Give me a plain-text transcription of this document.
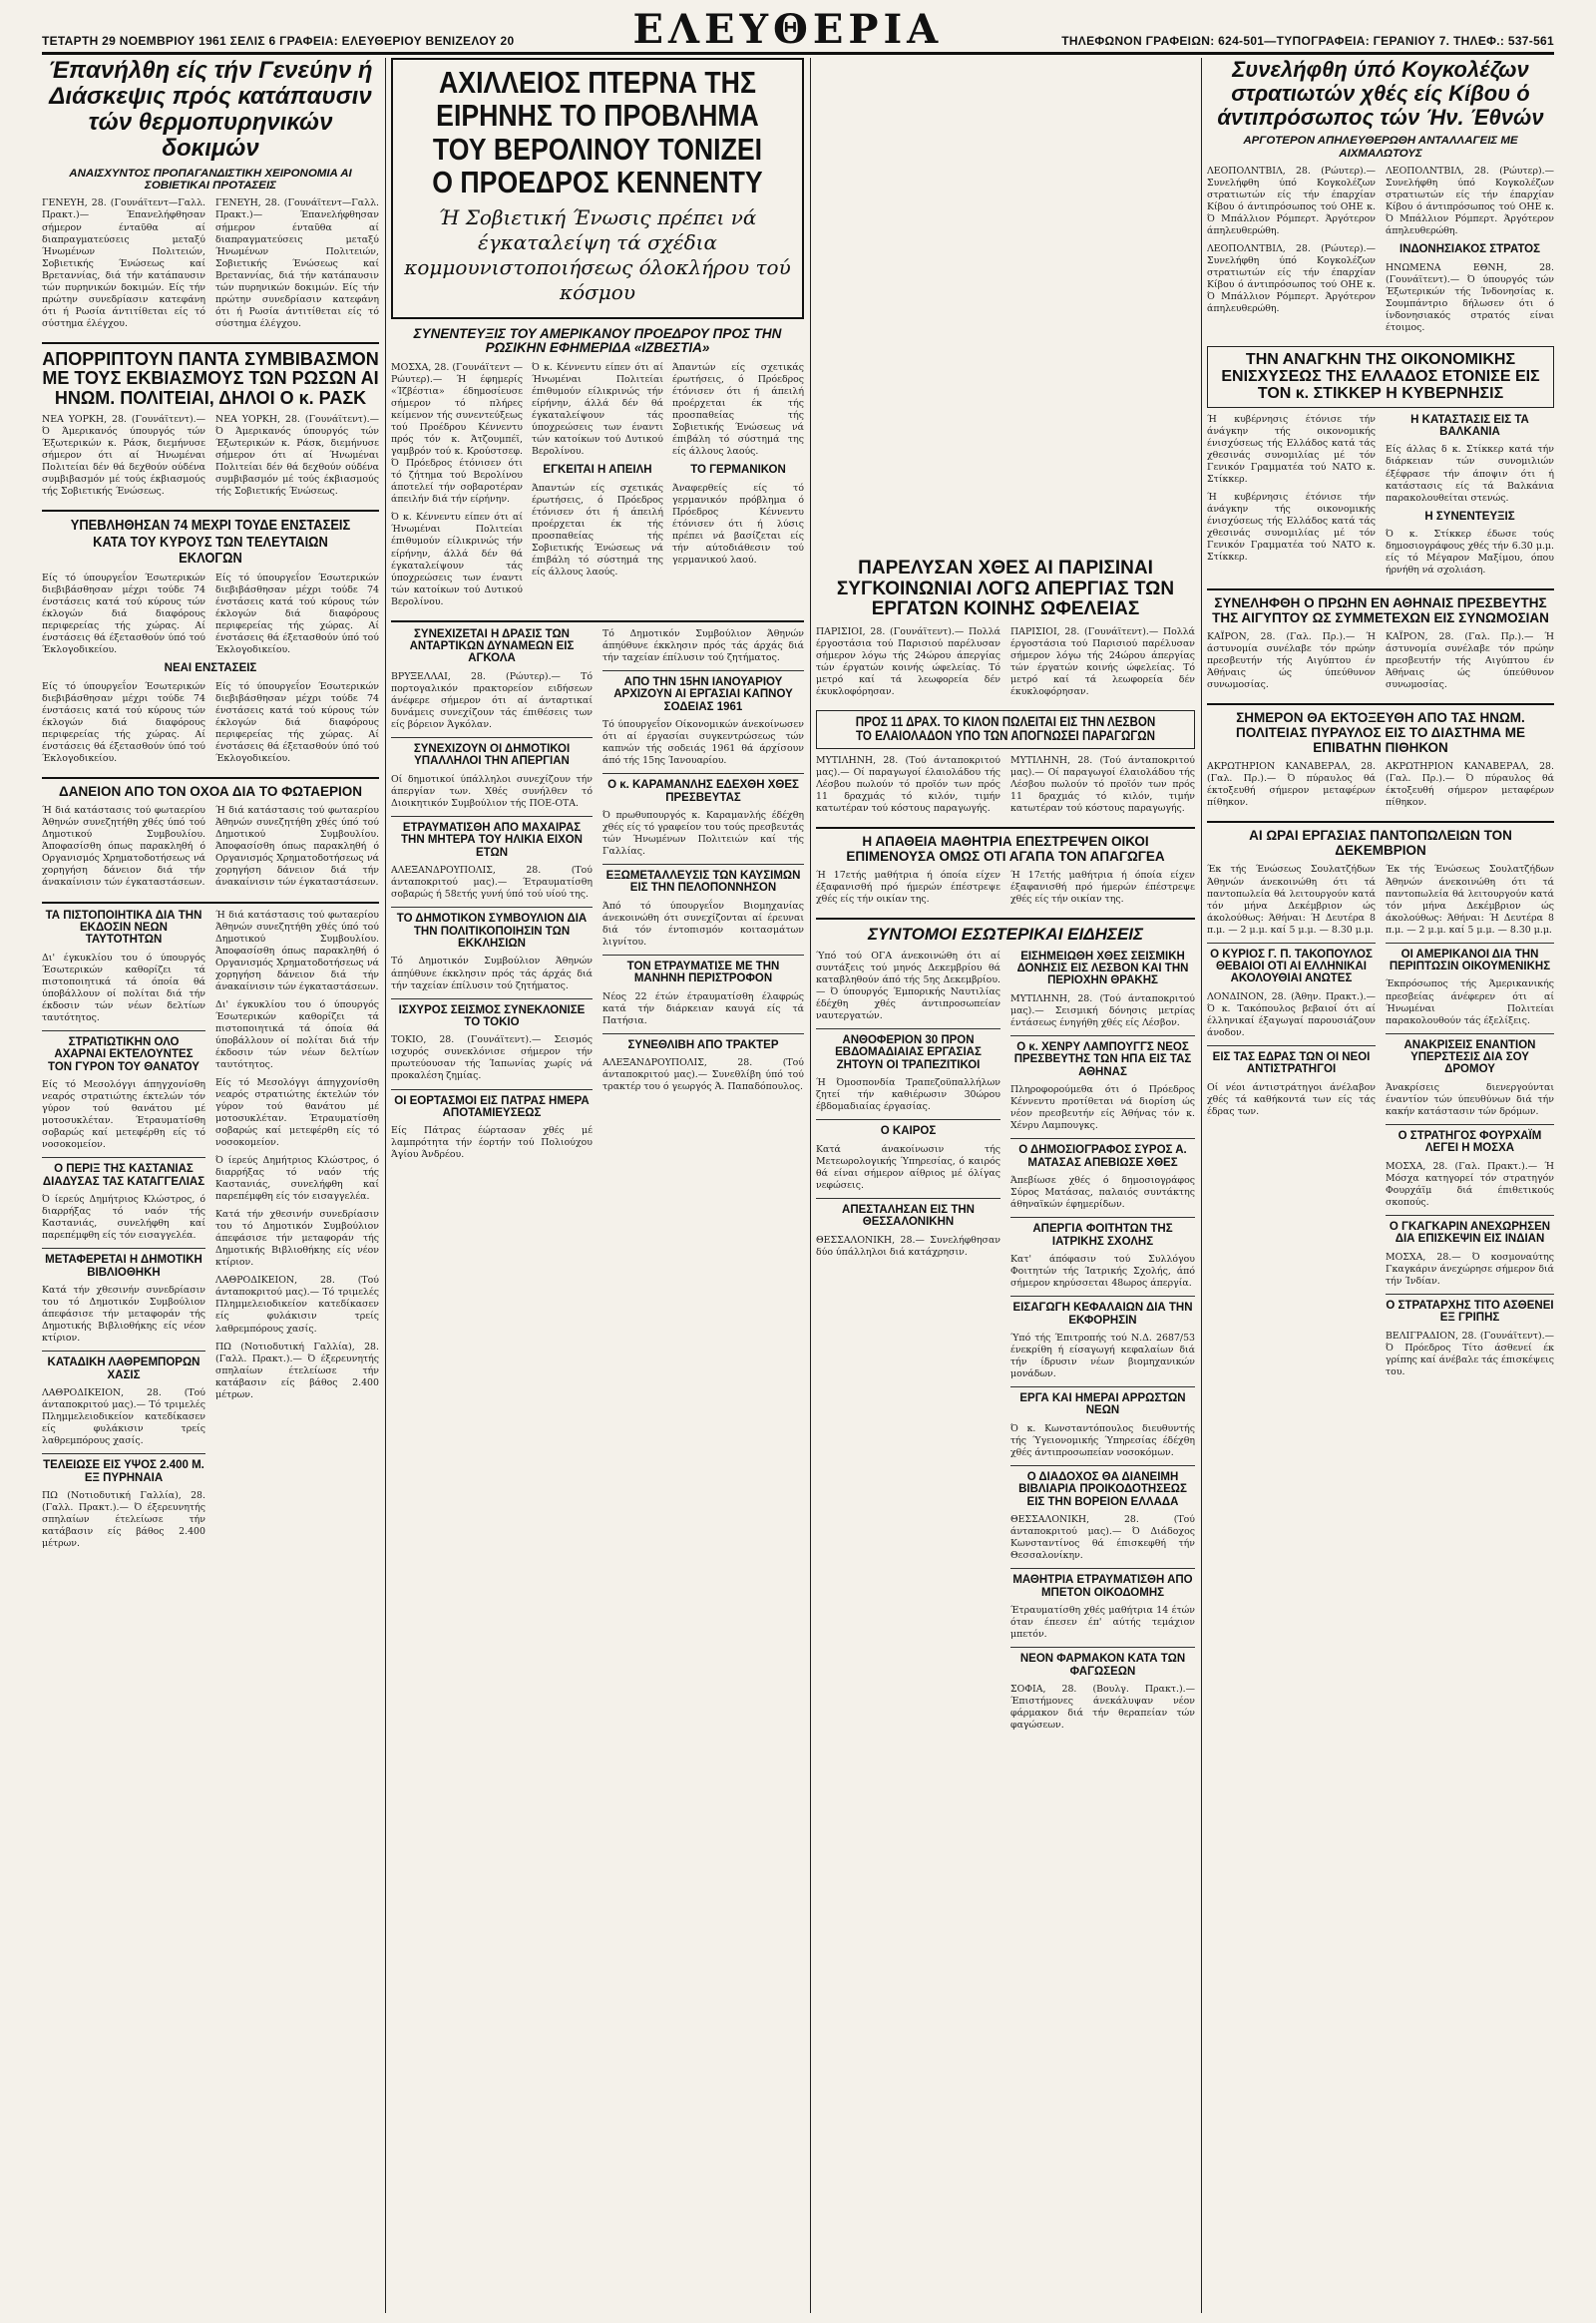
ΤΕΤΑΡΤΗ 29 ΝΟΕΜΒΡΙΟΥ 1961 ΣΕΛΙΣ 6 ΓΡΑΦΕΙΑ: ΕΛΕΥΘΕΡΙΟΥ ΒΕΝΙΖΕΛΟΥ 20	ΕΛΕΥΘΕΡΙΑ	ΤΗΛΕΦΩΝΟΝ ΓΡΑΦΕΙΩΝ: 624-501—ΤΥΠΟΓΡΑΦΕΙΑ: ΓΕΡΑΝΙΟΥ 7. ΤΗΛΕΦ.: 537-561
Έπανήλθη είς τήν Γενεύην ή Διάσκεψις πρός κατάπαυσιν τών θερμοπυρηνικών δοκιμών
ΑΝΑΙΣΧΥΝΤΟΣ ΠΡΟΠΑΓΑΝΔΙΣΤΙΚΗ ΧΕΙΡΟΝΟΜΙΑ ΑΙ ΣΟΒΙΕΤΙΚΑΙ ΠΡΟΤΑΣΕΙΣ

ΓΕΝΕΥΗ, 28. (Γουνάϊτεντ—Γαλλ. Πρακτ.)— Έπανελήφθησαν σήμερον ένταῦθα αί διαπραγματεύσεις μεταξύ Ήνωμένων Πολιτειών, Σοβιετικής Ένώσεως καί Βρεταννίας, διά τήν κατάπαυσιν τών πυρηνικών δοκιμών. Είς τήν πρώτην συνεδρίασιν κατεφάνη ότι ή Ρωσία άντιτίθεται είς τό σύστημα έλέγχου.

ΓΕΝΕΥΗ, 28. (Γουνάϊτεντ—Γαλλ. Πρακτ.)— Έπανελήφθησαν σήμερον ένταῦθα αί διαπραγματεύσεις μεταξύ Ήνωμένων Πολιτειών, Σοβιετικής Ένώσεως καί Βρεταννίας, διά τήν κατάπαυσιν τών πυρηνικών δοκιμών. Είς τήν πρώτην συνεδρίασιν κατεφάνη ότι ή Ρωσία άντιτίθεται είς τό σύστημα έλέγχου.

ΑΠΟΡΡΙΠΤΟΥΝ ΠΑΝΤΑ ΣΥΜΒΙΒΑΣΜΟΝ ΜΕ ΤΟΥΣ ΕΚΒΙΑΣΜΟΥΣ ΤΩΝ ΡΩΣΩΝ ΑΙ ΗΝΩΜ. ΠΟΛΙΤΕΙΑΙ, ΔΗΛΟΙ Ο κ. ΡΑΣΚ

ΝΕΑ ΥΟΡΚΗ, 28. (Γουνάϊτεντ).— Ό Άμερικανός ύπουργός τών Έξωτερικών κ. Ράσκ, διεμήνυσε σήμερον ότι αί Ήνωμέναι Πολιτείαι δέν θά δεχθούν ούδένα συμβιβασμόν μέ τούς έκβιασμούς τής Σοβιετικής Ένώσεως.

ΝΕΑ ΥΟΡΚΗ, 28. (Γουνάϊτεντ).— Ό Άμερικανός ύπουργός τών Έξωτερικών κ. Ράσκ, διεμήνυσε σήμερον ότι αί Ήνωμέναι Πολιτείαι δέν θά δεχθούν ούδένα συμβιβασμόν μέ τούς έκβιασμούς τής Σοβιετικής Ένώσεως.

ΥΠΕΒΛΗΘΗΣΑΝ 74 ΜΕΧΡΙ ΤΟΥΔΕ ΕΝΣΤΑΣΕΙΣ ΚΑΤΑ ΤΟΥ ΚΥΡΟΥΣ ΤΩΝ ΤΕΛΕΥΤΑΙΩΝ ΕΚΛΟΓΩΝ

Είς τό ύπουργεΐον Έσωτερικών διεβιβάσθησαν μέχρι τούδε 74 ένστάσεις κατά τού κύρους τών έκλογών διά διαφόρους περιφερείας τής χώρας. Αί ένστάσεις θά έξετασθούν ύπό τού Έκλογοδικείου.

Είς τό ύπουργεΐον Έσωτερικών διεβιβάσθησαν μέχρι τούδε 74 ένστάσεις κατά τού κύρους τών έκλογών διά διαφόρους περιφερείας τής χώρας. Αί ένστάσεις θά έξετασθούν ύπό τού Έκλογοδικείου.

ΝΕΑΙ ΕΝΣΤΑΣΕΙΣ

Είς τό ύπουργεΐον Έσωτερικών διεβιβάσθησαν μέχρι τούδε 74 ένστάσεις κατά τού κύρους τών έκλογών διά διαφόρους περιφερείας τής χώρας. Αί ένστάσεις θά έξετασθούν ύπό τού Έκλογοδικείου.

Είς τό ύπουργεΐον Έσωτερικών διεβιβάσθησαν μέχρι τούδε 74 ένστάσεις κατά τού κύρους τών έκλογών διά διαφόρους περιφερείας τής χώρας. Αί ένστάσεις θά έξετασθούν ύπό τού Έκλογοδικείου.

ΔΑΝΕΙΟΝ ΑΠΟ ΤΟΝ ΟΧΟΑ ΔΙΑ ΤΟ ΦΩΤΑΕΡΙΟΝ

Ή διά κατάστασις τού φωταερίου Άθηνών συνεζητήθη χθές ύπό τού Δημοτικού Συμβουλίου. Άποφασίσθη όπως παρακληθή ό Οργανισμός Χρηματοδοτήσεως νά χορηγήση δάνειον διά τήν άνακαίνισιν τών έγκαταστάσεων.

Ή διά κατάστασις τού φωταερίου Άθηνών συνεζητήθη χθές ύπό τού Δημοτικού Συμβουλίου. Άποφασίσθη όπως παρακληθή ό Οργανισμός Χρηματοδοτήσεως νά χορηγήση δάνειον διά τήν άνακαίνισιν τών έγκαταστάσεων.

ΤΑ ΠΙΣΤΟΠΟΙΗΤΙΚΑ ΔΙΑ ΤΗΝ ΕΚΔΟΣΙΝ ΝΕΩΝ ΤΑΥΤΟΤΗΤΩΝ

Δι' έγκυκλίου του ό ύπουργός Έσωτερικών καθορίζει τά πιστοποιητικά τά όποία θά ύποβάλλουν οί πολίται διά τήν έκδοσιν τών νέων δελτίων ταυτότητος.

ΣΤΡΑΤΙΩΤΙΚΗΝ ΟΛΟ ΑΧΑΡΝΑΙ ΕΚΤΕΛΟΥΝΤΕΣ ΤΟΝ ΓΥΡΟΝ ΤΟΥ ΘΑΝΑΤΟΥ

Είς τό Μεσολόγγι άπηγχονίσθη νεαρός στρατιώτης έκτελών τόν γύρον τού θανάτου μέ μοτοσυκλέταν. Έτραυματίσθη σοβαρώς καί μετεφέρθη είς τό νοσοκομείον.

Ο ΠΕΡΙΞ ΤΗΣ ΚΑΣΤΑΝΙΑΣ ΔΙΑΔΥΣΑΣ ΤΑΣ ΚΑΤΑΓΓΕΛΙΑΣ

Ό ίερεύς Δημήτριος Κλώστρος, ό διαρρήξας τό ναόν τής Καστανιάς, συνελήφθη καί παρεπέμφθη είς τόν εισαγγελέα.

ΜΕΤΑΦΕΡΕΤΑΙ Η ΔΗΜΟΤΙΚΗ ΒΙΒΛΙΟΘΗΚΗ

Κατά τήν χθεσινήν συνεδρίασιν του τό Δημοτικόν Συμβούλιον άπεφάσισε τήν μεταφοράν τής Δημοτικής Βιβλιοθήκης είς νέον κτίριον.

ΚΑΤΑΔΙΚΗ ΛΑΘΡΕΜΠΟΡΩΝ ΧΑΣΙΣ

ΛΑΘΡΟΔΙΚΕΙΟΝ, 28. (Τού άνταποκριτού μας).— Τό τριμελές Πλημμελειοδικείον κατεδίκασεν είς φυλάκισιν τρείς λαθρεμπόρους χασίς.

ΤΕΛΕΙΩΣΕ ΕΙΣ ΥΨΟΣ 2.400 Μ. ΕΞ ΠΥΡΗΝΑΙΑ

ΠΩ (Νοτιοδυτική Γαλλία), 28. (Γαλλ. Πρακτ.).— Ό έξερευνητής σπηλαίων έτελείωσε τήν κατάβασιν είς βάθος 2.400 μέτρων.

Ή διά κατάστασις τού φωταερίου Άθηνών συνεζητήθη χθές ύπό τού Δημοτικού Συμβουλίου. Άποφασίσθη όπως παρακληθή ό Οργανισμός Χρηματοδοτήσεως νά χορηγήση δάνειον διά τήν άνακαίνισιν τών έγκαταστάσεων.

Δι' έγκυκλίου του ό ύπουργός Έσωτερικών καθορίζει τά πιστοποιητικά τά όποία θά ύποβάλλουν οί πολίται διά τήν έκδοσιν τών νέων δελτίων ταυτότητος.

Είς τό Μεσολόγγι άπηγχονίσθη νεαρός στρατιώτης έκτελών τόν γύρον τού θανάτου μέ μοτοσυκλέταν. Έτραυματίσθη σοβαρώς καί μετεφέρθη είς τό νοσοκομείον.

Ό ίερεύς Δημήτριος Κλώστρος, ό διαρρήξας τό ναόν τής Καστανιάς, συνελήφθη καί παρεπέμφθη είς τόν εισαγγελέα.

Κατά τήν χθεσινήν συνεδρίασιν του τό Δημοτικόν Συμβούλιον άπεφάσισε τήν μεταφοράν τής Δημοτικής Βιβλιοθήκης είς νέον κτίριον.

ΛΑΘΡΟΔΙΚΕΙΟΝ, 28. (Τού άνταποκριτού μας).— Τό τριμελές Πλημμελειοδικείον κατεδίκασεν είς φυλάκισιν τρείς λαθρεμπόρους χασίς.

ΠΩ (Νοτιοδυτική Γαλλία), 28. (Γαλλ. Πρακτ.).— Ό έξερευνητής σπηλαίων έτελείωσε τήν κατάβασιν είς βάθος 2.400 μέτρων.

ΑΧΙΛΛΕΙΟΣ ΠΤΕΡΝΑ ΤΗΣ ΕΙΡΗΝΗΣ ΤΟ ΠΡΟΒΛΗΜΑ ΤΟΥ ΒΕΡΟΛΙΝΟΥ ΤΟΝΙΖΕΙ Ο ΠΡΟΕΔΡΟΣ ΚΕΝΝΕΝΤΥ
Ή Σοβιετική Ένωσις πρέπει νά έγκαταλείψη τά σχέδια κομμουνιστοποιήσεως όλοκλήρου τού κόσμου
ΣΥΝΕΝΤΕΥΞΙΣ ΤΟΥ ΑΜΕΡΙΚΑΝΟΥ ΠΡΟΕΔΡΟΥ ΠΡΟΣ ΤΗΝ ΡΩΣΙΚΗΝ ΕΦΗΜΕΡΙΔΑ «ΙΖΒΕΣΤΙΑ»

ΜΟΣΧΑ, 28. (Γουνάϊτεντ — Ρώυτερ).— Ή έφημερίς «Ίζβέστια» έδημοσίευσε σήμερον τό πλήρες κείμενον τής συνεντεύξεως τού Προέδρου Κέννεντυ πρός τόν κ. Άτζουμπέϊ, γαμβρόν τού κ. Κρούστσεφ. Ό Πρόεδρος έτόνισεν ότι τό ζήτημα τού Βερολίνου άποτελεί τήν σοβαροτέραν άπειλήν διά τήν είρήνην.

Ό κ. Κέννεντυ είπεν ότι αί Ήνωμέναι Πολιτείαι έπιθυμούν είλικρινώς τήν είρήνην, άλλά δέν θά έγκαταλείψουν τάς ύποχρεώσεις των έναντι τών κατοίκων τού Δυτικού Βερολίνου.

Ό κ. Κέννεντυ είπεν ότι αί Ήνωμέναι Πολιτείαι έπιθυμούν είλικρινώς τήν είρήνην, άλλά δέν θά έγκαταλείψουν τάς ύποχρεώσεις των έναντι τών κατοίκων τού Δυτικού Βερολίνου.

ΕΓΚΕΙΤΑΙ Η ΑΠΕΙΛΗ

Άπαντών είς σχετικάς έρωτήσεις, ό Πρόεδρος έτόνισεν ότι ή άπειλή προέρχεται έκ τής προσπαθείας τής Σοβιετικής Ένώσεως νά έπιβάλη τό σύστημά της είς άλλους λαούς.

Άπαντών είς σχετικάς έρωτήσεις, ό Πρόεδρος έτόνισεν ότι ή άπειλή προέρχεται έκ τής προσπαθείας τής Σοβιετικής Ένώσεως νά έπιβάλη τό σύστημά της είς άλλους λαούς.

ΤΟ ΓΕΡΜΑΝΙΚΟΝ

Άναφερθείς είς τό γερμανικόν πρόβλημα ό Πρόεδρος Κέννεντυ έτόνισεν ότι ή λύσις πρέπει νά βασίζεται είς τήν αύτοδιάθεσιν τού γερμανικού λαού.

ΣΥΝΕΧΙΖΕΤΑΙ Η ΔΡΑΣΙΣ ΤΩΝ ΑΝΤΑΡΤΙΚΩΝ ΔΥΝΑΜΕΩΝ ΕΙΣ ΑΓΚΟΛΑ

ΒΡΥΞΕΛΛΑΙ, 28. (Ρώυτερ).— Τό πορτογαλικόν πρακτορείον ειδήσεων άνέφερε σήμερον ότι αί άνταρτικαί δυνάμεις συνεχίζουν τάς έπιθέσεις των είς βόρειον Άγκόλαν.

ΣΥΝΕΧΙΖΟΥΝ ΟΙ ΔΗΜΟΤΙΚΟΙ ΥΠΑΛΛΗΛΟΙ ΤΗΝ ΑΠΕΡΓΙΑΝ

Οί δημοτικοί ύπάλληλοι συνεχίζουν τήν άπεργίαν των. Χθές συνήλθεν τό Διοικητικόν Συμβούλιον τής ΠΟΕ-ΟΤΑ.

ΕΤΡΑΥΜΑΤΙΣΘΗ ΑΠΟ ΜΑΧΑΙΡΑΣ ΤΗΝ ΜΗΤΕΡΑ ΤΟΥ ΗΛΙΚΙΑ ΕΙΧΟΝ ΕΤΩΝ

ΑΛΕΞΑΝΔΡΟΥΠΟΛΙΣ, 28. (Τού άνταποκριτού μας).— Έτραυματίσθη σοβαρώς ή 58ετής γυνή ύπό τού υίού της.

ΤΟ ΔΗΜΟΤΙΚΟΝ ΣΥΜΒΟΥΛΙΟΝ ΔΙΑ ΤΗΝ ΠΟΛΙΤΙΚΟΠΟΙΗΣΙΝ ΤΩΝ ΕΚΚΛΗΣΙΩΝ

Τό Δημοτικόν Συμβούλιον Άθηνών άπηύθυνε έκκλησιν πρός τάς άρχάς διά τήν ταχείαν έπίλυσιν τού ζητήματος.

ΙΣΧΥΡΟΣ ΣΕΙΣΜΟΣ ΣΥΝΕΚΛΟΝΙΣΕ ΤΟ ΤΟΚΙΟ

ΤΟΚΙΟ, 28. (Γουνάϊτεντ).— Σεισμός ισχυρός συνεκλόνισε σήμερον τήν πρωτεύουσαν τής Ίαπωνίας χωρίς νά προκαλέση ζημίας.

ΟΙ ΕΟΡΤΑΣΜΟΙ ΕΙΣ ΠΑΤΡΑΣ ΗΜΕΡΑ ΑΠΟΤΑΜΙΕΥΣΕΩΣ

Είς Πάτρας έώρτασαν χθές μέ λαμπρότητα τήν έορτήν τού Πολιούχου Άγίου Άνδρέου.

Τό Δημοτικόν Συμβούλιον Άθηνών άπηύθυνε έκκλησιν πρός τάς άρχάς διά τήν ταχείαν έπίλυσιν τού ζητήματος.

ΑΠΟ ΤΗΝ 15ΗΝ ΙΑΝΟΥΑΡΙΟΥ ΑΡΧΙΖΟΥΝ ΑΙ ΕΡΓΑΣΙΑΙ ΚΑΠΝΟΥ ΣΟΔΕΙΑΣ 1961

Τό ύπουργεΐον Οίκονομικών άνεκοίνωσεν ότι αί έργασίαι συγκεντρώσεως τών καπνών τής σοδειάς 1961 θά άρχίσουν άπό τής 15ης Ίανουαρίου.

Ο κ. ΚΑΡΑΜΑΝΛΗΣ ΕΔΕΧΘΗ ΧΘΕΣ ΠΡΕΣΒΕΥΤΑΣ

Ό πρωθυπουργός κ. Καραμανλής έδέχθη χθές είς τό γραφείον του τούς πρεσβευτάς τών Ήνωμένων Πολιτειών καί τής Γαλλίας.

ΕΞΩΜΕΤΑΛΛΕΥΣΙΣ ΤΩΝ ΚΑΥΣΙΜΩΝ ΕΙΣ ΤΗΝ ΠΕΛΟΠΟΝΝΗΣΟΝ

Άπό τό ύπουργεΐον Βιομηχανίας άνεκοινώθη ότι συνεχίζονται αί έρευναι διά τόν έντοπισμόν κοιτασμάτων λιγνίτου.

ΤΟΝ ΕΤΡΑΥΜΑΤΙΣΕ ΜΕ ΤΗΝ ΜΑΝΗΝΗ ΠΕΡΙΣΤΡΟΦΟΝ

Νέος 22 έτών έτραυματίσθη έλαφρώς κατά τήν διάρκειαν καυγά είς τά Πατήσια.

ΣΥΝΕΘΛΙΒΗ ΑΠΟ ΤΡΑΚΤΕΡ

ΑΛΕΞΑΝΔΡΟΥΠΟΛΙΣ, 28. (Τού άνταποκριτού μας).— Συνεθλίβη ύπό τού τρακτέρ του ό γεωργός Ά. Παπαδόπουλος.

ΠΑΡΕΛΥΣΑΝ ΧΘΕΣ ΑΙ ΠΑΡΙΣΙΝΑΙ ΣΥΓΚΟΙΝΩΝΙΑΙ ΛΟΓΩ ΑΠΕΡΓΙΑΣ ΤΩΝ ΕΡΓΑΤΩΝ ΚΟΙΝΗΣ ΩΦΕΛΕΙΑΣ

ΠΑΡΙΣΙΟΙ, 28. (Γουνάϊτεντ).— Πολλά έργοστάσια τού Παρισιού παρέλυσαν σήμερον λόγω τής 24ώρου άπεργίας τών έργατών κοινής ώφελείας. Τό μετρό καί τά λεωφορεία δέν έκυκλοφόρησαν.

ΠΑΡΙΣΙΟΙ, 28. (Γουνάϊτεντ).— Πολλά έργοστάσια τού Παρισιού παρέλυσαν σήμερον λόγω τής 24ώρου άπεργίας τών έργατών κοινής ώφελείας. Τό μετρό καί τά λεωφορεία δέν έκυκλοφόρησαν.

ΠΡΟΣ 11 ΔΡΑΧ. ΤΟ ΚΙΛΟΝ ΠΩΛΕΙΤΑΙ ΕΙΣ ΤΗΝ ΛΕΣΒΟΝ ΤΟ ΕΛΑΙΟΛΑΔΟΝ ΥΠΟ ΤΩΝ ΑΠΟΓΝΩΣΕΙ ΠΑΡΑΓΩΓΩΝ

ΜΥΤΙΛΗΝΗ, 28. (Τού άνταποκριτού μας).— Οί παραγωγοί έλαιολάδου τής Λέσβου πωλούν τό προϊόν των πρός 11 δραχμάς τό κιλόν, τιμήν κατωτέραν τού κόστους παραγωγής.

ΜΥΤΙΛΗΝΗ, 28. (Τού άνταποκριτού μας).— Οί παραγωγοί έλαιολάδου τής Λέσβου πωλούν τό προϊόν των πρός 11 δραχμάς τό κιλόν, τιμήν κατωτέραν τού κόστους παραγωγής.

Η ΑΠΑΘΕΙΑ ΜΑΘΗΤΡΙΑ ΕΠΕΣΤΡΕΨΕΝ ΟΙΚΟΙ ΕΠΙΜΕΝΟΥΣΑ ΟΜΩΣ ΟΤΙ ΑΓΑΠΑ ΤΟΝ ΑΠΑΓΩΓΕΑ

Ή 17ετής μαθήτρια ή όποία είχεν έξαφανισθή πρό ήμερών έπέστρεψε χθές είς τήν οικίαν της.

Ή 17ετής μαθήτρια ή όποία είχεν έξαφανισθή πρό ήμερών έπέστρεψε χθές είς τήν οικίαν της.

ΣΥΝΤΟΜΟΙ ΕΣΩΤΕΡΙΚΑΙ ΕΙΔΗΣΕΙΣ

Ύπό τού ΟΓΑ άνεκοινώθη ότι αί συντάξεις τού μηνός Δεκεμβρίου θά καταβληθούν άπό τής 5ης Δεκεμβρίου. — Ό ύπουργός Έμπορικής Ναυτιλίας έδέχθη χθές άντιπροσωπείαν ναυτεργατών.

ΑΝΘΟΦΕΡΙΟΝ 30 ΠΡΟΝ ΕΒΔΟΜΑΔΙΑΙΑΣ ΕΡΓΑΣΙΑΣ ΖΗΤΟΥΝ ΟΙ ΤΡΑΠΕΖΙΤΙΚΟΙ

Ή Όμοσπονδία Τραπεζοϋπαλλήλων ζητεί τήν καθιέρωσιν 30ώρου έβδομαδιαίας έργασίας.

Ο ΚΑΙΡΟΣ

Κατά άνακοίνωσιν τής Μετεωρολογικής Ύπηρεσίας, ό καιρός θά είναι σήμερον αίθριος μέ όλίγας νεφώσεις.

ΑΠΕΣΤΑΛΗΣΑΝ ΕΙΣ ΤΗΝ ΘΕΣΣΑΛΟΝΙΚΗΝ

ΘΕΣΣΑΛΟΝΙΚΗ, 28.— Συνελήφθησαν δύο ύπάλληλοι διά κατάχρησιν.

ΕΙΣΗΜΕΙΩΘΗ ΧΘΕΣ ΣΕΙΣΜΙΚΗ ΔΟΝΗΣΙΣ ΕΙΣ ΛΕΣΒΟΝ ΚΑΙ ΤΗΝ ΠΕΡΙΟΧΗΝ ΘΡΑΚΗΣ

ΜΥΤΙΛΗΝΗ, 28. (Τού άνταποκριτού μας).— Σεισμική δόνησις μετρίας έντάσεως ένηγήθη χθές είς Λέσβον.

Ο κ. ΧΕΝΡΥ ΛΑΜΠΟΥΓΓΣ ΝΕΟΣ ΠΡΕΣΒΕΥΤΗΣ ΤΩΝ ΗΠΑ ΕΙΣ ΤΑΣ ΑΘΗΝΑΣ

Πληροφορούμεθα ότι ό Πρόεδρος Κέννεντυ προτίθεται νά διορίση ώς νέον πρεσβευτήν είς Άθήνας τόν κ. Χένρυ Λαμπουγκς.

Ο ΔΗΜΟΣΙΟΓΡΑΦΟΣ ΣΥΡΟΣ Α. ΜΑΤΑΣΑΣ ΑΠΕΒΙΩΣΕ ΧΘΕΣ

Άπεβίωσε χθές ό δημοσιογράφος Σύρος Ματάσας, παλαιός συντάκτης άθηναϊκών έφημερίδων.

ΑΠΕΡΓΙΑ ΦΟΙΤΗΤΩΝ ΤΗΣ ΙΑΤΡΙΚΗΣ ΣΧΟΛΗΣ

Κατ' άπόφασιν τού Συλλόγου Φοιτητών τής Ίατρικής Σχολής, άπό σήμερον κηρύσσεται 48ωρος άπεργία.

ΕΙΣΑΓΩΓΗ ΚΕΦΑΛΑΙΩΝ ΔΙΑ ΤΗΝ ΕΚΦΟΡΗΣΙΝ

Ύπό τής Έπιτροπής τού Ν.Δ. 2687/53 ένεκρίθη ή είσαγωγή κεφαλαίων διά τήν ίδρυσιν νέων βιομηχανικών μονάδων.

ΕΡΓΑ ΚΑΙ ΗΜΕΡΑΙ ΑΡΡΩΣΤΩΝ ΝΕΩΝ

Ό κ. Κωνσταντόπουλος διευθυντής τής Ύγειονομικής Ύπηρεσίας έδέχθη χθές άντιπροσωπείαν νοσοκόμων.

Ο ΔΙΑΔΟΧΟΣ ΘΑ ΔΙΑΝΕΙΜΗ ΒΙΒΛΙΑΡΙΑ ΠΡΟΙΚΟΔΟΤΗΣΕΩΣ ΕΙΣ ΤΗΝ ΒΟΡΕΙΟΝ ΕΛΛΑΔΑ

ΘΕΣΣΑΛΟΝΙΚΗ, 28. (Τού άνταποκριτού μας).— Ό Διάδοχος Κωνσταντίνος θά έπισκεφθή τήν Θεσσαλονίκην.

ΜΑΘΗΤΡΙΑ ΕΤΡΑΥΜΑΤΙΣΘΗ ΑΠΟ ΜΠΕΤΟΝ ΟΙΚΟΔΟΜΗΣ

Έτραυματίσθη χθές μαθήτρια 14 έτών όταν έπεσεν έπ' αύτής τεμάχιον μπετόν.

ΝΕΟΝ ΦΑΡΜΑΚΟΝ ΚΑΤΑ ΤΩΝ ΦΑΓΩΣΕΩΝ

ΣΟΦΙΑ, 28. (Βουλγ. Πρακτ.).— Έπιστήμονες άνεκάλυψαν νέον φάρμακον διά τήν θεραπείαν τών φαγώσεων.

Συνελήφθη ύπό Κογκολέζων στρατιωτών χθές είς Κίβου ό άντιπρόσωπος τών Ήν. Έθνών
ΑΡΓΟΤΕΡΟΝ ΑΠΗΛΕΥΘΕΡΩΘΗ ΑΝΤΑΛΛΑΓΕΙΣ ΜΕ ΑΙΧΜΑΛΩΤΟΥΣ

ΛΕΟΠΟΛΝΤΒΙΛ, 28. (Ρώυτερ).— Συνελήφθη ύπό Κογκολέζων στρατιωτών είς τήν έπαρχίαν Κίβου ό άντιπρόσωπος τού ΟΗΕ κ. Ό Μπάλλιον Ρόμπερτ. Άργότερον άπηλευθερώθη.

ΛΕΟΠΟΛΝΤΒΙΛ, 28. (Ρώυτερ).— Συνελήφθη ύπό Κογκολέζων στρατιωτών είς τήν έπαρχίαν Κίβου ό άντιπρόσωπος τού ΟΗΕ κ. Ό Μπάλλιον Ρόμπερτ. Άργότερον άπηλευθερώθη.

ΛΕΟΠΟΛΝΤΒΙΛ, 28. (Ρώυτερ).— Συνελήφθη ύπό Κογκολέζων στρατιωτών είς τήν έπαρχίαν Κίβου ό άντιπρόσωπος τού ΟΗΕ κ. Ό Μπάλλιον Ρόμπερτ. Άργότερον άπηλευθερώθη.

ΙΝΔΟΝΗΣΙΑΚΟΣ ΣΤΡΑΤΟΣ

ΗΝΩΜΕΝΑ ΕΘΝΗ, 28. (Γουνάϊτεντ).— Ό ύπουργός τών Έξωτερικών τής Ίνδονησίας κ. Σουμπάντριο δήλωσεν ότι ό ίνδονησιακός στρατός είναι έτοιμος.

ΤΗΝ ΑΝΑΓΚΗΝ ΤΗΣ ΟΙΚΟΝΟΜΙΚΗΣ ΕΝΙΣΧΥΣΕΩΣ ΤΗΣ ΕΛΛΑΔΟΣ ΕΤΟΝΙΣΕ ΕΙΣ ΤΟΝ κ. ΣΤΙΚΚΕΡ Η ΚΥΒΕΡΝΗΣΙΣ

Ή κυβέρνησις έτόνισε τήν άνάγκην τής οικονομικής ένισχύσεως τής Ελλάδος κατά τάς χθεσινάς συνομιλίας μέ τόν Γενικόν Γραμματέα τού ΝΑΤΟ κ. Στίκκερ.

Ή κυβέρνησις έτόνισε τήν άνάγκην τής οικονομικής ένισχύσεως τής Ελλάδος κατά τάς χθεσινάς συνομιλίας μέ τόν Γενικόν Γραμματέα τού ΝΑΤΟ κ. Στίκκερ.

Η ΚΑΤΑΣΤΑΣΙΣ ΕΙΣ ΤΑ ΒΑΛΚΑΝΙΑ

Είς άλλας δ κ. Στίκκερ κατά τήν διάρκειαν τών συνομιλιών έξέφρασε τήν άποψιν ότι ή κατάστασις είς τά Βαλκάνια παρακολουθείται στενώς.

Η ΣΥΝΕΝΤΕΥΞΙΣ

Ό κ. Στίκκερ έδωσε τούς δημοσιογράφους χθές τήν 6.30 μ.μ. είς τό Μέγαρον Μαξίμου, όπου ήρνήθη νά σχολιάση.

ΣΥΝΕΛΗΦΘΗ Ο ΠΡΩΗΝ ΕΝ ΑΘΗΝΑΙΣ ΠΡΕΣΒΕΥΤΗΣ ΤΗΣ ΑΙΓΥΠΤΟΥ ΩΣ ΣΥΜΜΕΤΕΧΩΝ ΕΙΣ ΣΥΝΩΜΟΣΙΑΝ

ΚΑΪΡΟΝ, 28. (Γαλ. Πρ.).— Ή άστυνομία συνέλαβε τόν πρώην πρεσβευτήν τής Αιγύπτου έν Άθήναις ώς ύπεύθυνον συνωμοσίας.

ΚΑΪΡΟΝ, 28. (Γαλ. Πρ.).— Ή άστυνομία συνέλαβε τόν πρώην πρεσβευτήν τής Αιγύπτου έν Άθήναις ώς ύπεύθυνον συνωμοσίας.

ΣΗΜΕΡΟΝ ΘΑ ΕΚΤΟΞΕΥΘΗ ΑΠΟ ΤΑΣ ΗΝΩΜ. ΠΟΛΙΤΕΙΑΣ ΠΥΡΑΥΛΟΣ ΕΙΣ ΤΟ ΔΙΑΣΤΗΜΑ ΜΕ ΕΠΙΒΑΤΗΝ ΠΙΘΗΚΟΝ

ΑΚΡΩΤΗΡΙΟΝ ΚΑΝΑΒΕΡΑΛ, 28. (Γαλ. Πρ.).— Ό πύραυλος θά έκτοξευθή σήμερον μεταφέρων πίθηκον.

ΑΚΡΩΤΗΡΙΟΝ ΚΑΝΑΒΕΡΑΛ, 28. (Γαλ. Πρ.).— Ό πύραυλος θά έκτοξευθή σήμερον μεταφέρων πίθηκον.

ΑΙ ΩΡΑΙ ΕΡΓΑΣΙΑΣ ΠΑΝΤΟΠΩΛΕΙΩΝ ΤΟΝ ΔΕΚΕΜΒΡΙΟΝ

Έκ τής Ένώσεως Σουλατζήδων Άθηνών άνεκοινώθη ότι τά παντοπωλεία θά λειτουργούν κατά τόν μήνα Δεκέμβριον ώς άκολούθως: Άθήναι: Ή Δευτέρα 8 π.μ. — 2 μ.μ. καί 5 μ.μ. — 8.30 μ.μ.

Ο ΚΥΡΙΟΣ Γ. Π. ΤΑΚΟΠΟΥΛΟΣ ΘΕΒΑΙΟΙ ΟΤΙ ΑΙ ΕΛΛΗΝΙΚΑΙ ΑΚΟΛΟΥΘΙΑΙ ΑΝΩΤΕΣ

ΛΟΝΔΙΝΟΝ, 28. (Άθην. Πρακτ.).— Ό κ. Τακόπουλος βεβαιοί ότι αί έλληνικαί έξαγωγαί παρουσιάζουν άνοδον.

ΕΙΣ ΤΑΣ ΕΔΡΑΣ ΤΩΝ ΟΙ ΝΕΟΙ ΑΝΤΙΣΤΡΑΤΗΓΟΙ

Οί νέοι άντιστράτηγοι άνέλαβον χθές τά καθήκοντά των είς τάς έδρας των.

Έκ τής Ένώσεως Σουλατζήδων Άθηνών άνεκοινώθη ότι τά παντοπωλεία θά λειτουργούν κατά τόν μήνα Δεκέμβριον ώς άκολούθως: Άθήναι: Ή Δευτέρα 8 π.μ. — 2 μ.μ. καί 5 μ.μ. — 8.30 μ.μ.

ΟΙ ΑΜΕΡΙΚΑΝΟΙ ΔΙΑ ΤΗΝ ΠΕΡΙΠΤΩΣΙΝ ΟΙΚΟΥΜΕΝΙΚΗΣ

Έκπρόσωπος τής Άμερικανικής πρεσβείας άνέφερεν ότι αί Ήνωμέναι Πολιτείαι παρακολουθούν τάς έξελίξεις.

ΑΝΑΚΡΙΣΕΙΣ ΕΝΑΝΤΙΟΝ ΥΠΕΡΣΤΕΣΙΣ ΔΙΑ ΣΟΥ ΔΡΟΜΟΥ

Άνακρίσεις διενεργούνται έναντίον τών ύπευθύνων διά τήν κακήν κατάστασιν τών δρόμων.

Ο ΣΤΡΑΤΗΓΟΣ ΦΟΥΡΧΑΪΜ ΛΕΓΕΙ Η ΜΟΣΧΑ

ΜΟΣΧΑ, 28. (Γαλ. Πρακτ.).— Ή Μόσχα κατηγορεί τόν στρατηγόν Φουρχάϊμ διά έπιθετικούς σκοπούς.

Ο ΓΚΑΓΚΑΡΙΝ ΑΝΕΧΩΡΗΣΕΝ ΔΙΑ ΕΠΙΣΚΕΨΙΝ ΕΙΣ ΙΝΔΙΑΝ

ΜΟΣΧΑ, 28.— Ό κοσμοναύτης Γκαγκάριν άνεχώρησε σήμερον διά τήν Ίνδίαν.

Ο ΣΤΡΑΤΑΡΧΗΣ ΤΙΤΟ ΑΣΘΕΝΕΙ ΕΞ ΓΡΙΠΗΣ

ΒΕΛΙΓΡΑΔΙΟΝ, 28. (Γουνάϊτεντ).— Ό Πρόεδρος Τίτο άσθενεί έκ γρίπης καί άνέβαλε τάς έπισκέψεις του.
